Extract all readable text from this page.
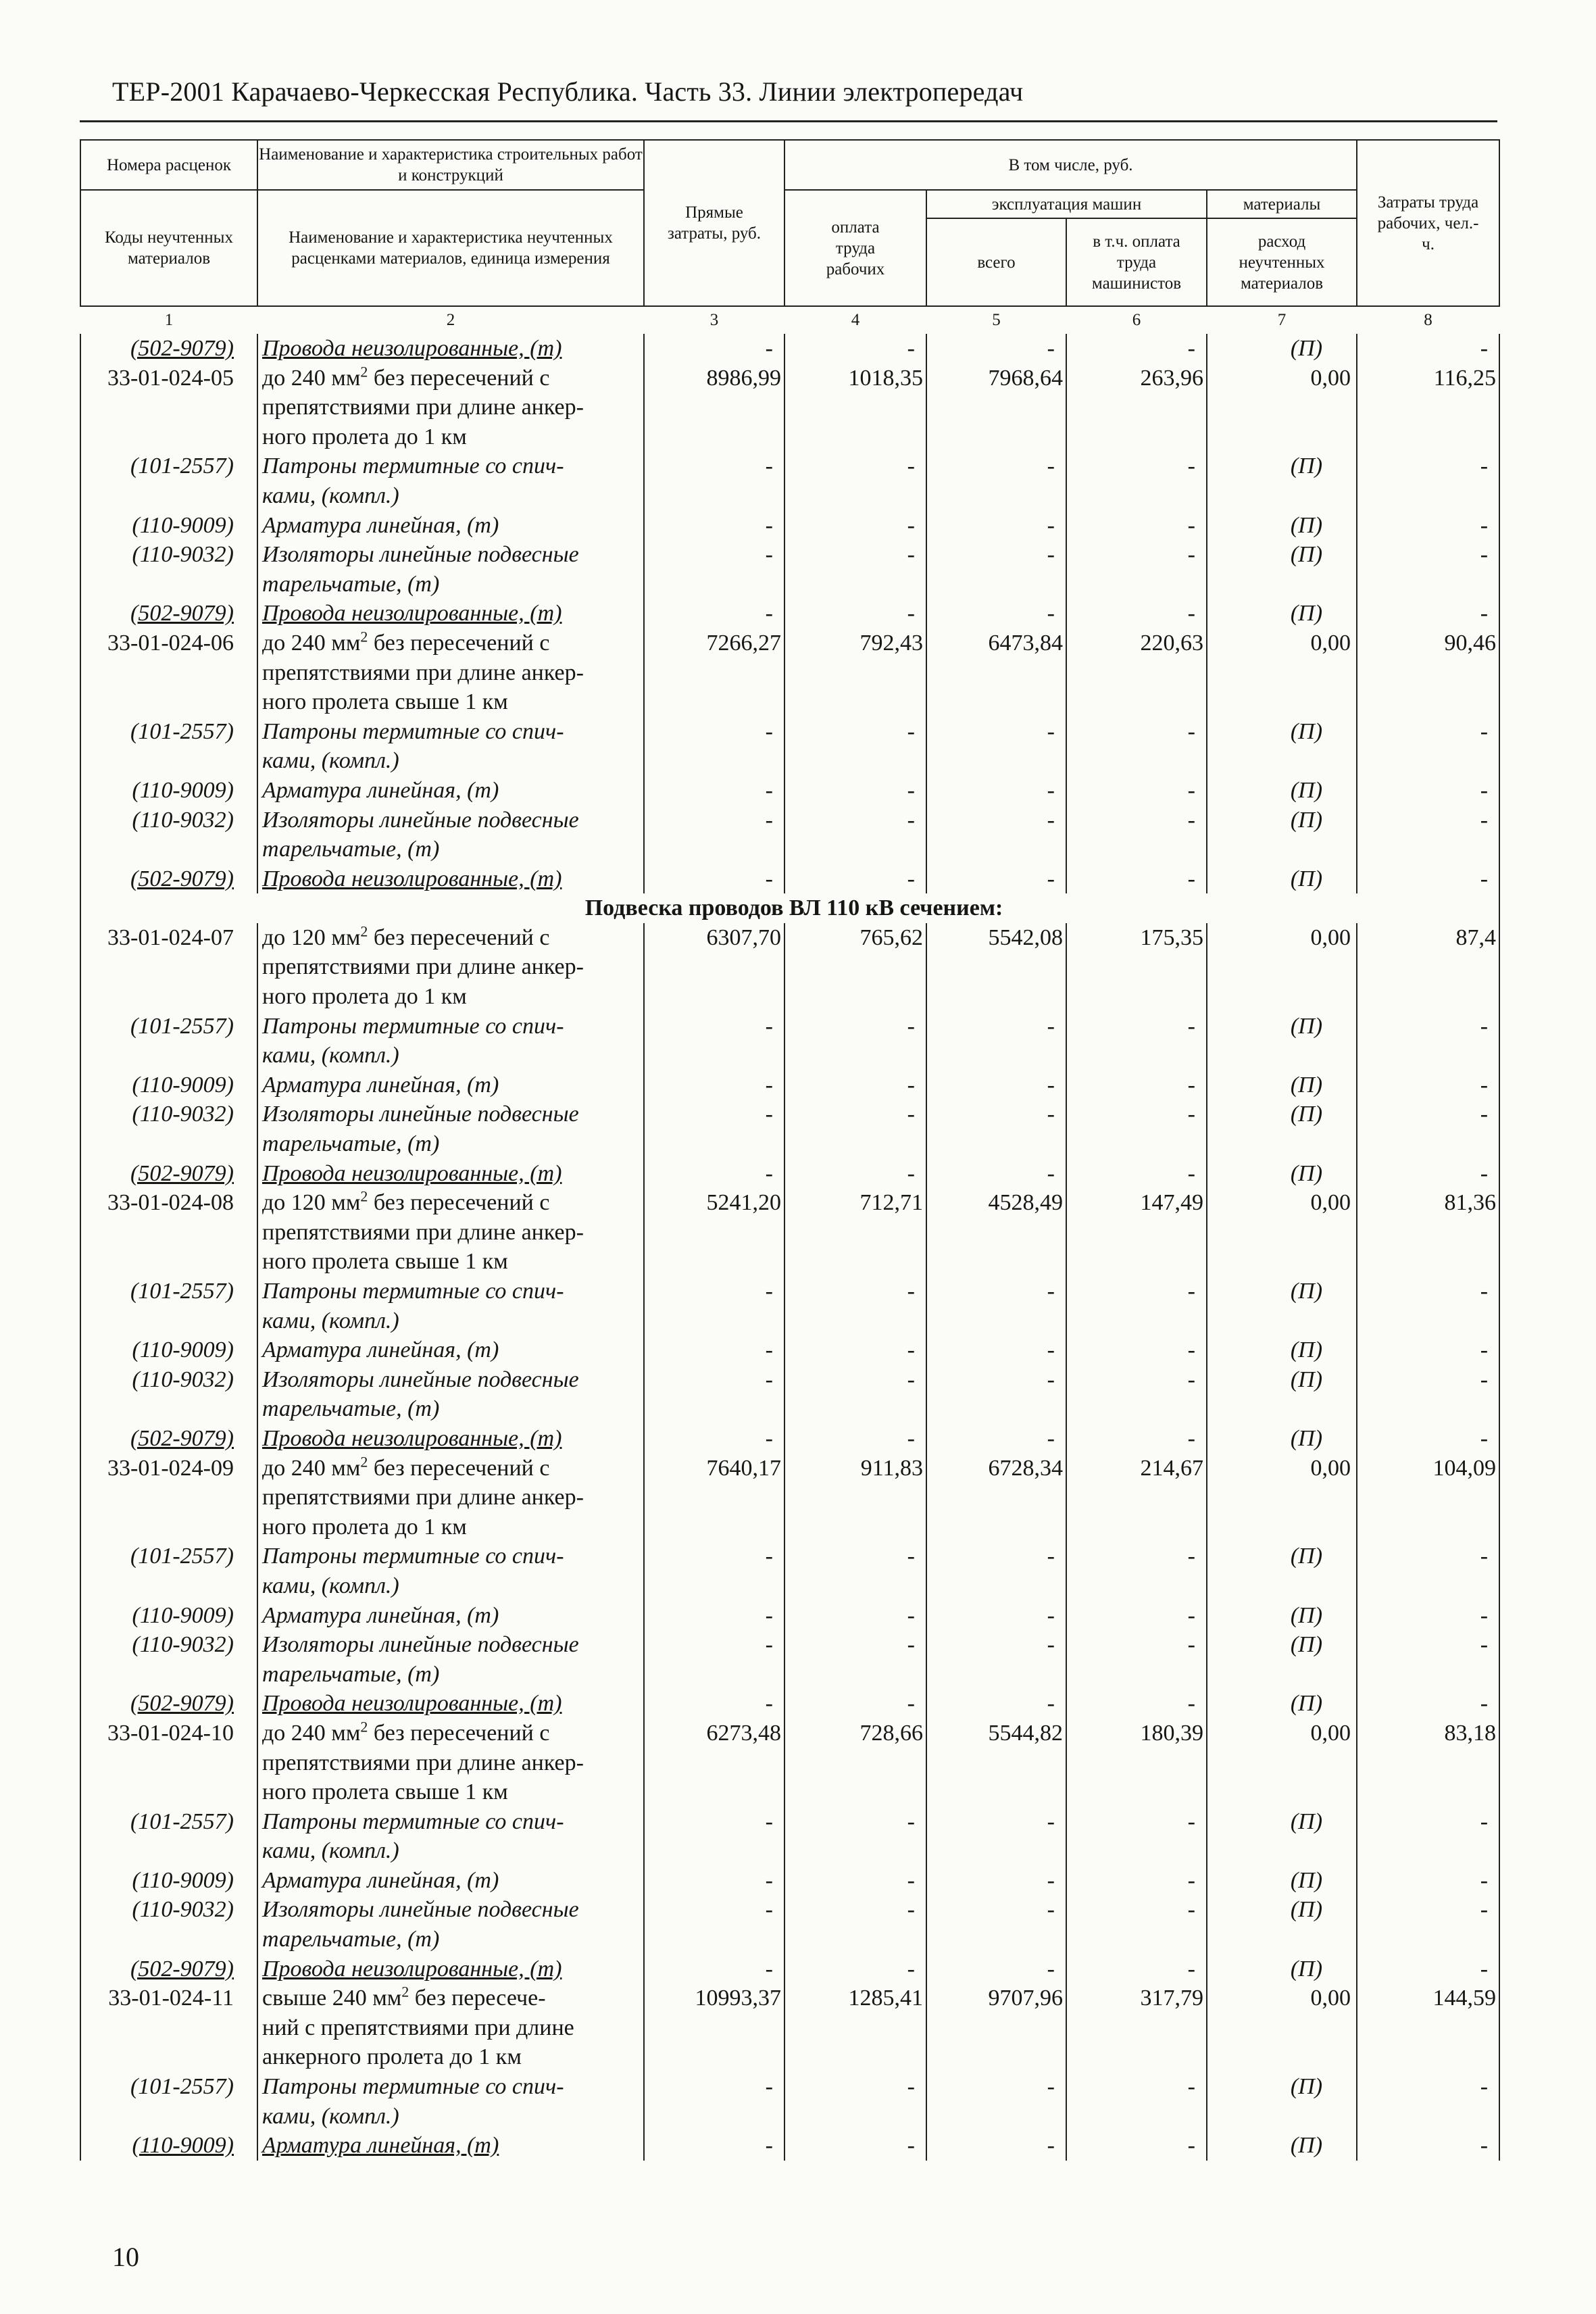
ТЕР-2001 Карачаево-Черкесская Республика. Часть 33. Линии электропередач
Номера расценок	Наименование и характеристика строительных работ и конструкций	Прямые затраты, руб.	В том числе, руб.				Затраты труда рабочих, чел.-ч.
Коды неучтенных материалов	Наименование и характеристика неучтенных расценками материалов, единица измерения		оплата труда рабочих	эксплуатация машин		материалы	
				всего	в т.ч. оплата труда машинистов	расход неучтенных материалов	
1	2	3	4	5	6	7	8
(502-9079)	Провода неизолированные, (т)	-	-	-	-	(П)	-
33-01-024-05	до 240 $мм^2$ без пересечений с	8986,99	1018,35	7968,64	263,96	0,00	116,25
	препятствиями при длине анкер-						
	ного пролета до 1 км						
(101-2557)	Патроны термитные со спич-	-	-	-	-	(П)	-
	ками, (компл.)						
(110-9009)	Арматура линейная, (т)	-	-	-	-	(П)	-
(110-9032)	Изоляторы линейные подвесные	-	-	-	-	(П)	-
	тарельчатые, (т)						
(502-9079)	Провода неизолированные, (т)	-	-	-	-	(П)	-
33-01-024-06	до 240 $мм^2$ без пересечений с	7266,27	792,43	6473,84	220,63	0,00	90,46
	препятствиями при длине анкер-						
	ного пролета свыше 1 км						
(101-2557)	Патроны термитные со спич-	-	-	-	-	(П)	-
	ками, (компл.)						
(110-9009)	Арматура линейная, (т)	-	-	-	-	(П)	-
(110-9032)	Изоляторы линейные подвесные	-	-	-	-	(П)	-
	тарельчатые, (т)						
(502-9079)	Провода неизолированные, (т)	-	-	-	-	(П)	-
Подвеска проводов ВЛ 110 кВ сечением:							
33-01-024-07	до 120 $мм^2$ без пересечений с	6307,70	765,62	5542,08	175,35	0,00	87,4
	препятствиями при длине анкер-						
	ного пролета до 1 км						
(101-2557)	Патроны термитные со спич-	-	-	-	-	(П)	-
	ками, (компл.)						
(110-9009)	Арматура линейная, (т)	-	-	-	-	(П)	-
(110-9032)	Изоляторы линейные подвесные	-	-	-	-	(П)	-
	тарельчатые, (т)						
(502-9079)	Провода неизолированные, (т)	-	-	-	-	(П)	-
33-01-024-08	до 120 $мм^2$ без пересечений с	5241,20	712,71	4528,49	147,49	0,00	81,36
	препятствиями при длине анкер-						
	ного пролета свыше 1 км						
(101-2557)	Патроны термитные со спич-	-	-	-	-	(П)	-
	ками, (компл.)						
(110-9009)	Арматура линейная, (т)	-	-	-	-	(П)	-
(110-9032)	Изоляторы линейные подвесные	-	-	-	-	(П)	-
	тарельчатые, (т)						
(502-9079)	Провода неизолированные, (т)	-	-	-	-	(П)	-
33-01-024-09	до 240 $мм^2$ без пересечений с	7640,17	911,83	6728,34	214,67	0,00	104,09
	препятствиями при длине анкер-						
	ного пролета до 1 км						
(101-2557)	Патроны термитные со спич-	-	-	-	-	(П)	-
	ками, (компл.)						
(110-9009)	Арматура линейная, (т)	-	-	-	-	(П)	-
(110-9032)	Изоляторы линейные подвесные	-	-	-	-	(П)	-
	тарельчатые, (т)						
(502-9079)	Провода неизолированные, (т)	-	-	-	-	(П)	-
33-01-024-10	до 240 $мм^2$ без пересечений с	6273,48	728,66	5544,82	180,39	0,00	83,18
	препятствиями при длине анкер-						
	ного пролета свыше 1 км						
(101-2557)	Патроны термитные со спич-	-	-	-	-	(П)	-
	ками, (компл.)						
(110-9009)	Арматура линейная, (т)	-	-	-	-	(П)	-
(110-9032)	Изоляторы линейные подвесные	-	-	-	-	(П)	-
	тарельчатые, (т)						
(502-9079)	Провода неизолированные, (т)	-	-	-	-	(П)	-
33-01-024-11	свыше 240 $мм^2$ без пересече-	10993,37	1285,41	9707,96	317,79	0,00	144,59
	ний с препятствиями при длине						
	анкерного пролета до 1 км						
(101-2557)	Патроны термитные со спич-	-	-	-	-	(П)	-
	ками, (компл.)						
(110-9009)	Арматура линейная, (т)	-	-	-	-	(П)	-
10
